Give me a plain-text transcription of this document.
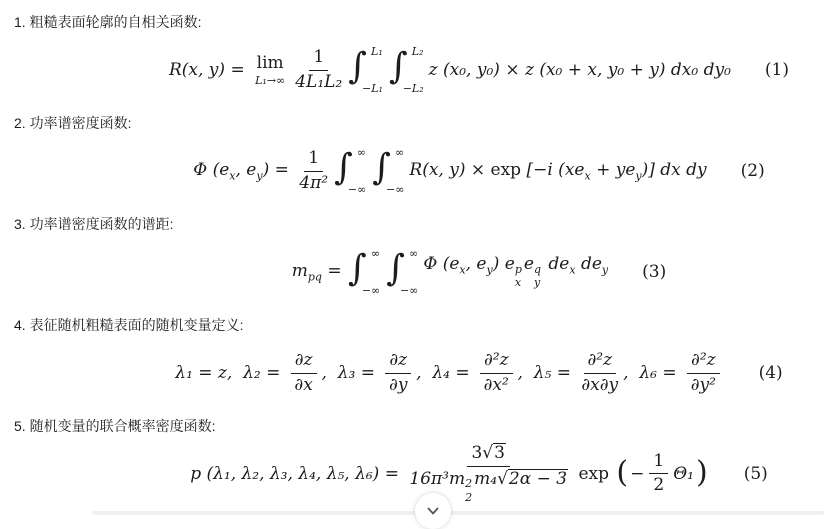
1. 粗糙表面轮廓的自相关函数:
R(x, y) = lim
$L_1\to\infty \frac{1}{\text{4L₁L₂}}$ ∫ L₁
−L₁
∫ L₂
−L₂
z (x₀, y₀) × z (x₀ + x, y₀ + y) dx₀ dy₀ (1)
2. 功率谱密度函数:
Φ ($e_x$, $e_y) = \frac{1}{\text{4π²}}$ ∫ ∞
−∞
∫ ∞
−∞
R(x, y) × exp [−i $(xe_x + ye_y)$] dx dy (2)
3. 功率谱密度函数的谱距:
$m_{pq}$ = ∫ ∞
−∞
∫ ∞
−∞
Φ ($e_x$, $e_y$) e p
x
e q
y
$de_x$ $de_y$ (3)
4. 表征随机粗糙表面的随机变量定义:
λ₁ = z,  $\lambda_2 = \frac{\partial z}{\partial x}$ ,  $\lambda_3 = \frac{\partial z}{\partial y}$ ,  $\lambda_4 = \frac{\text{∂²z}}{\text{∂x²}}$ ,  $\lambda_5 = \frac{\text{∂²z}}{\partial x\partial y}$ ,  $\lambda_6 = \frac{\text{∂²z}}{\text{∂y²}} (4)$
5. 随机变量的联合概率密度函数:
p (λ₁, λ₂, λ₃, λ₄, λ₅, λ₆) = 3 √ 3
16π³m 2
2
m₄ √ 2α − 3 exp ( − $\frac{1}{2} \Theta_1$ ) (5)
